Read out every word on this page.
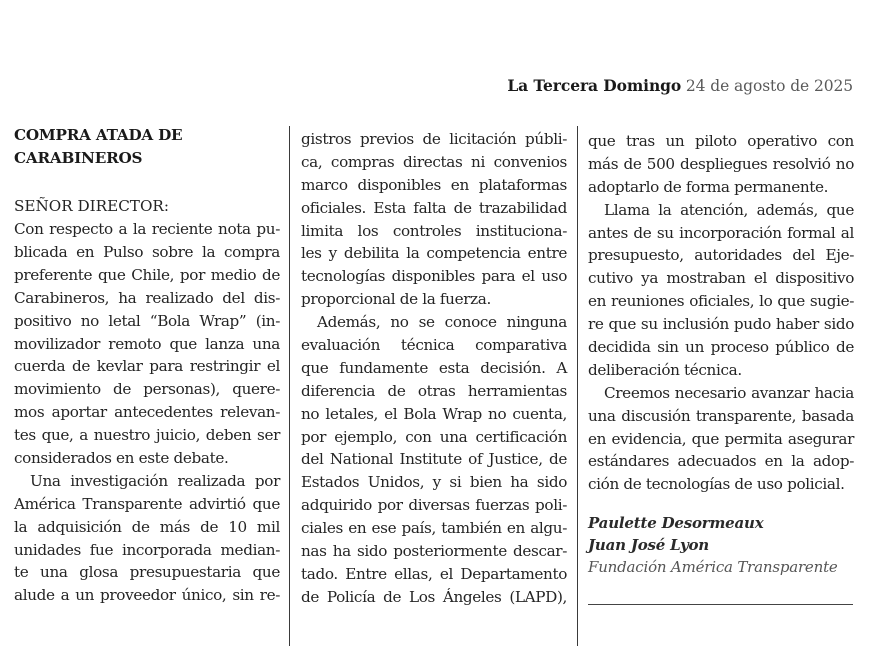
La Tercera Domingo 24 de agosto de 2025
COMPRA ATADA DE
CARABINEROS
SEÑOR DIRECTOR:
Con respecto a la reciente nota pu-
blicada en Pulso sobre la compra
preferente que Chile, por medio de
Carabineros, ha realizado del dis-
positivo no letal “Bola Wrap” (in-
movilizador remoto que lanza una
cuerda de kevlar para restringir el
movimiento de personas), quere-
mos aportar antecedentes relevan-
tes que, a nuestro juicio, deben ser
considerados en este debate.
Una investigación realizada por
América Transparente advirtió que
la adquisición de más de 10 mil
unidades fue incorporada median-
te una glosa presupuestaria que
alude a un proveedor único, sin re-
gistros previos de licitación públi-
ca, compras directas ni convenios
marco disponibles en plataformas
oficiales. Esta falta de trazabilidad
limita los controles instituciona-
les y debilita la competencia entre
tecnologías disponibles para el uso
proporcional de la fuerza.
Además, no se conoce ninguna
evaluación técnica comparativa
que fundamente esta decisión. A
diferencia de otras herramientas
no letales, el Bola Wrap no cuenta,
por ejemplo, con una certificación
del National Institute of Justice, de
Estados Unidos, y si bien ha sido
adquirido por diversas fuerzas poli-
ciales en ese país, también en algu-
nas ha sido posteriormente descar-
tado. Entre ellas, el Departamento
de Policía de Los Ángeles (LAPD),
que tras un piloto operativo con
más de 500 despliegues resolvió no
adoptarlo de forma permanente.
Llama la atención, además, que
antes de su incorporación formal al
presupuesto, autoridades del Eje-
cutivo ya mostraban el dispositivo
en reuniones oficiales, lo que sugie-
re que su inclusión pudo haber sido
decidida sin un proceso público de
deliberación técnica.
Creemos necesario avanzar hacia
una discusión transparente, basada
en evidencia, que permita asegurar
estándares adecuados en la adop-
ción de tecnologías de uso policial.
Paulette Desormeaux
Juan José Lyon
Fundación América Transparente
